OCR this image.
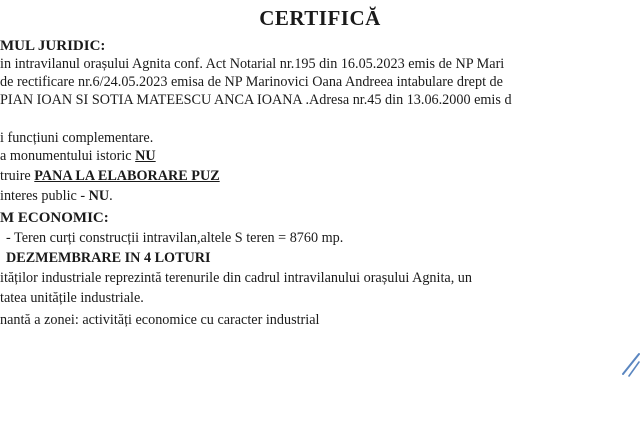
CERTIFICĂ
MUL JURIDIC:
in intravilanul orașului Agnita conf. Act Notarial nr.195 din 16.05.2023 emis de NP Mari
de rectificare nr.6/24.05.2023 emisa de NP Marinovici Oana Andreea intabulare drept de
PIAN IOAN SI SOTIA MATEESCU ANCA IOANA .Adresa nr.45 din 13.06.2000 emis d
i funcțiuni complementare.
a monumentului istoric NU
truire PANA LA ELABORARE PUZ
interes public - NU.
M ECONOMIC:
- Teren curți construcții intravilan,altele S teren = 8760 mp.
DEZMEMBRARE IN 4 LOTURI
ităților industriale reprezintă terenurile din cadrul intravilanului orașului Agnita, un
tatea unitățile industriale.
nantă a zonei: activități economice cu caracter industrial
